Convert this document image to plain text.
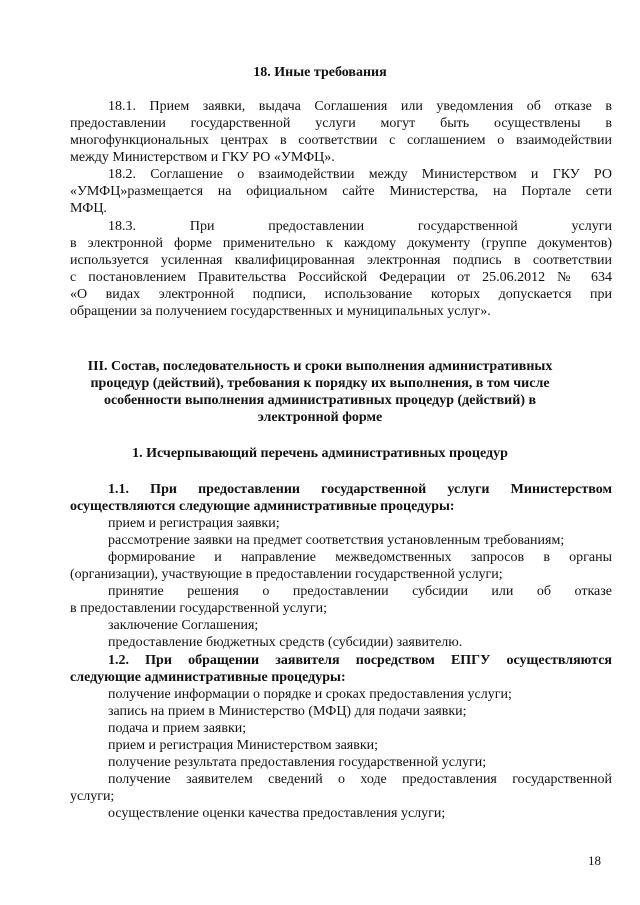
18. Иные требования
18.1. Прием заявки, выдача Соглашения или уведомления об отказе в
предоставлении государственной услуги могут быть осуществлены в
многофункциональных центрах в соответствии с соглашением о взаимодействии
между Министерством и ГКУ РО «УМФЦ».
18.2. Соглашение о взаимодействии между Министерством и ГКУ РО
«УМФЦ»размещается на официальном сайте Министерства, на Портале сети
МФЦ.
18.3. При предоставлении государственной услуги
в электронной форме применительно к каждому документу (группе документов)
используется усиленная квалифицированная электронная подпись в соответствии
с постановлением Правительства Российской Федерации от 25.06.2012 № 634
«О видах электронной подписи, использование которых допускается при
обращении за получением государственных и муниципальных услуг».
III. Состав, последовательность и сроки выполнения административных
процедур (действий), требования к порядку их выполнения, в том числе
особенности выполнения административных процедур (действий) в
электронной форме
1. Исчерпывающий перечень административных процедур
1.1. При предоставлении государственной услуги Министерством
осуществляются следующие административные процедуры:
прием и регистрация заявки;
рассмотрение заявки на предмет соответствия установленным требованиям;
формирование и направление межведомственных запросов в органы
(организации), участвующие в предоставлении государственной услуги;
принятие решения о предоставлении субсидии или об отказе
в предоставлении государственной услуги;
заключение Соглашения;
предоставление бюджетных средств (субсидии) заявителю.
1.2. При обращении заявителя посредством ЕПГУ осуществляются
следующие административные процедуры:
получение информации о порядке и сроках предоставления услуги;
запись на прием в Министерство (МФЦ) для подачи заявки;
подача и прием заявки;
прием и регистрация Министерством заявки;
получение результата предоставления государственной услуги;
получение заявителем сведений о ходе предоставления государственной
услуги;
осуществление оценки качества предоставления услуги;
18
